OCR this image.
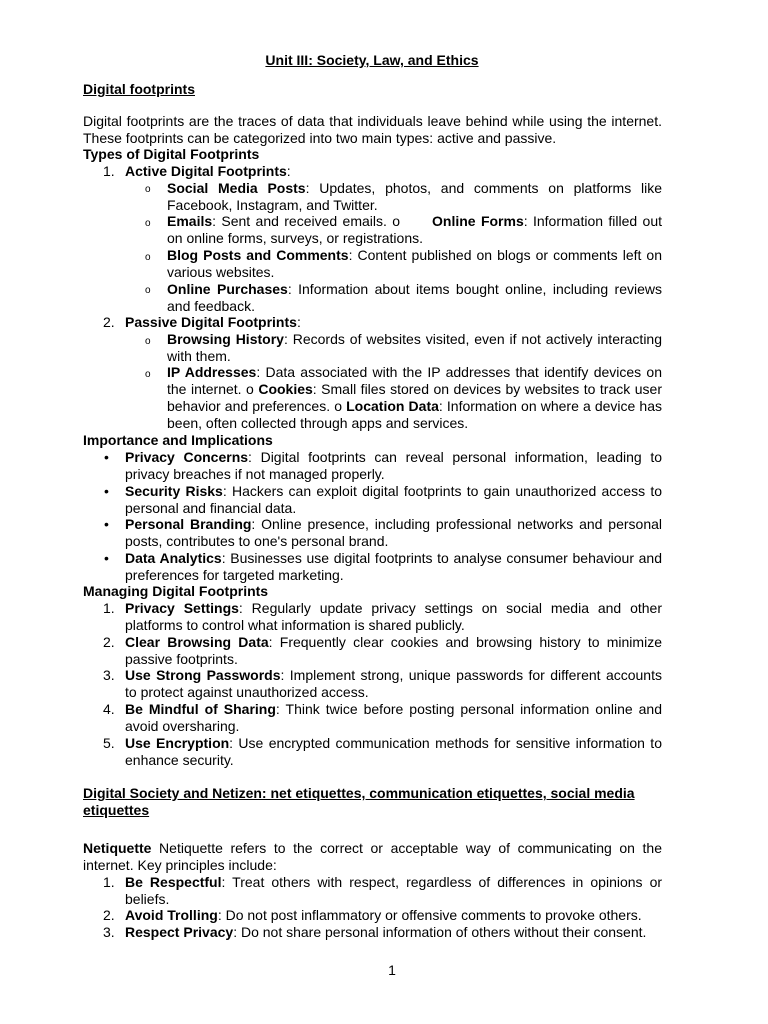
Unit III: Society, Law, and Ethics
Digital footprints
Digital footprints are the traces of data that individuals leave behind while using the internet. These footprints can be categorized into two main types: active and passive.
Types of Digital Footprints
1. Active Digital Footprints:
o Social Media Posts: Updates, photos, and comments on platforms like Facebook, Instagram, and Twitter.
o Emails: Sent and received emails. o Online Forms: Information filled out on online forms, surveys, or registrations.
o Blog Posts and Comments: Content published on blogs or comments left on various websites.
o Online Purchases: Information about items bought online, including reviews and feedback.
2. Passive Digital Footprints:
o Browsing History: Records of websites visited, even if not actively interacting with them.
o IP Addresses: Data associated with the IP addresses that identify devices on the internet. o Cookies: Small files stored on devices by websites to track user behavior and preferences. o Location Data: Information on where a device has been, often collected through apps and services.
Importance and Implications
• Privacy Concerns: Digital footprints can reveal personal information, leading to privacy breaches if not managed properly.
• Security Risks: Hackers can exploit digital footprints to gain unauthorized access to personal and financial data.
• Personal Branding: Online presence, including professional networks and personal posts, contributes to one's personal brand.
• Data Analytics: Businesses use digital footprints to analyse consumer behaviour and preferences for targeted marketing.
Managing Digital Footprints
1. Privacy Settings: Regularly update privacy settings on social media and other platforms to control what information is shared publicly.
2. Clear Browsing Data: Frequently clear cookies and browsing history to minimize passive footprints.
3. Use Strong Passwords: Implement strong, unique passwords for different accounts to protect against unauthorized access.
4. Be Mindful of Sharing: Think twice before posting personal information online and avoid oversharing.
5. Use Encryption: Use encrypted communication methods for sensitive information to enhance security.
Digital Society and Netizen: net etiquettes, communication etiquettes, social media etiquettes
Netiquette Netiquette refers to the correct or acceptable way of communicating on the internet. Key principles include:
1. Be Respectful: Treat others with respect, regardless of differences in opinions or beliefs.
2. Avoid Trolling: Do not post inflammatory or offensive comments to provoke others.
3. Respect Privacy: Do not share personal information of others without their consent.
1
